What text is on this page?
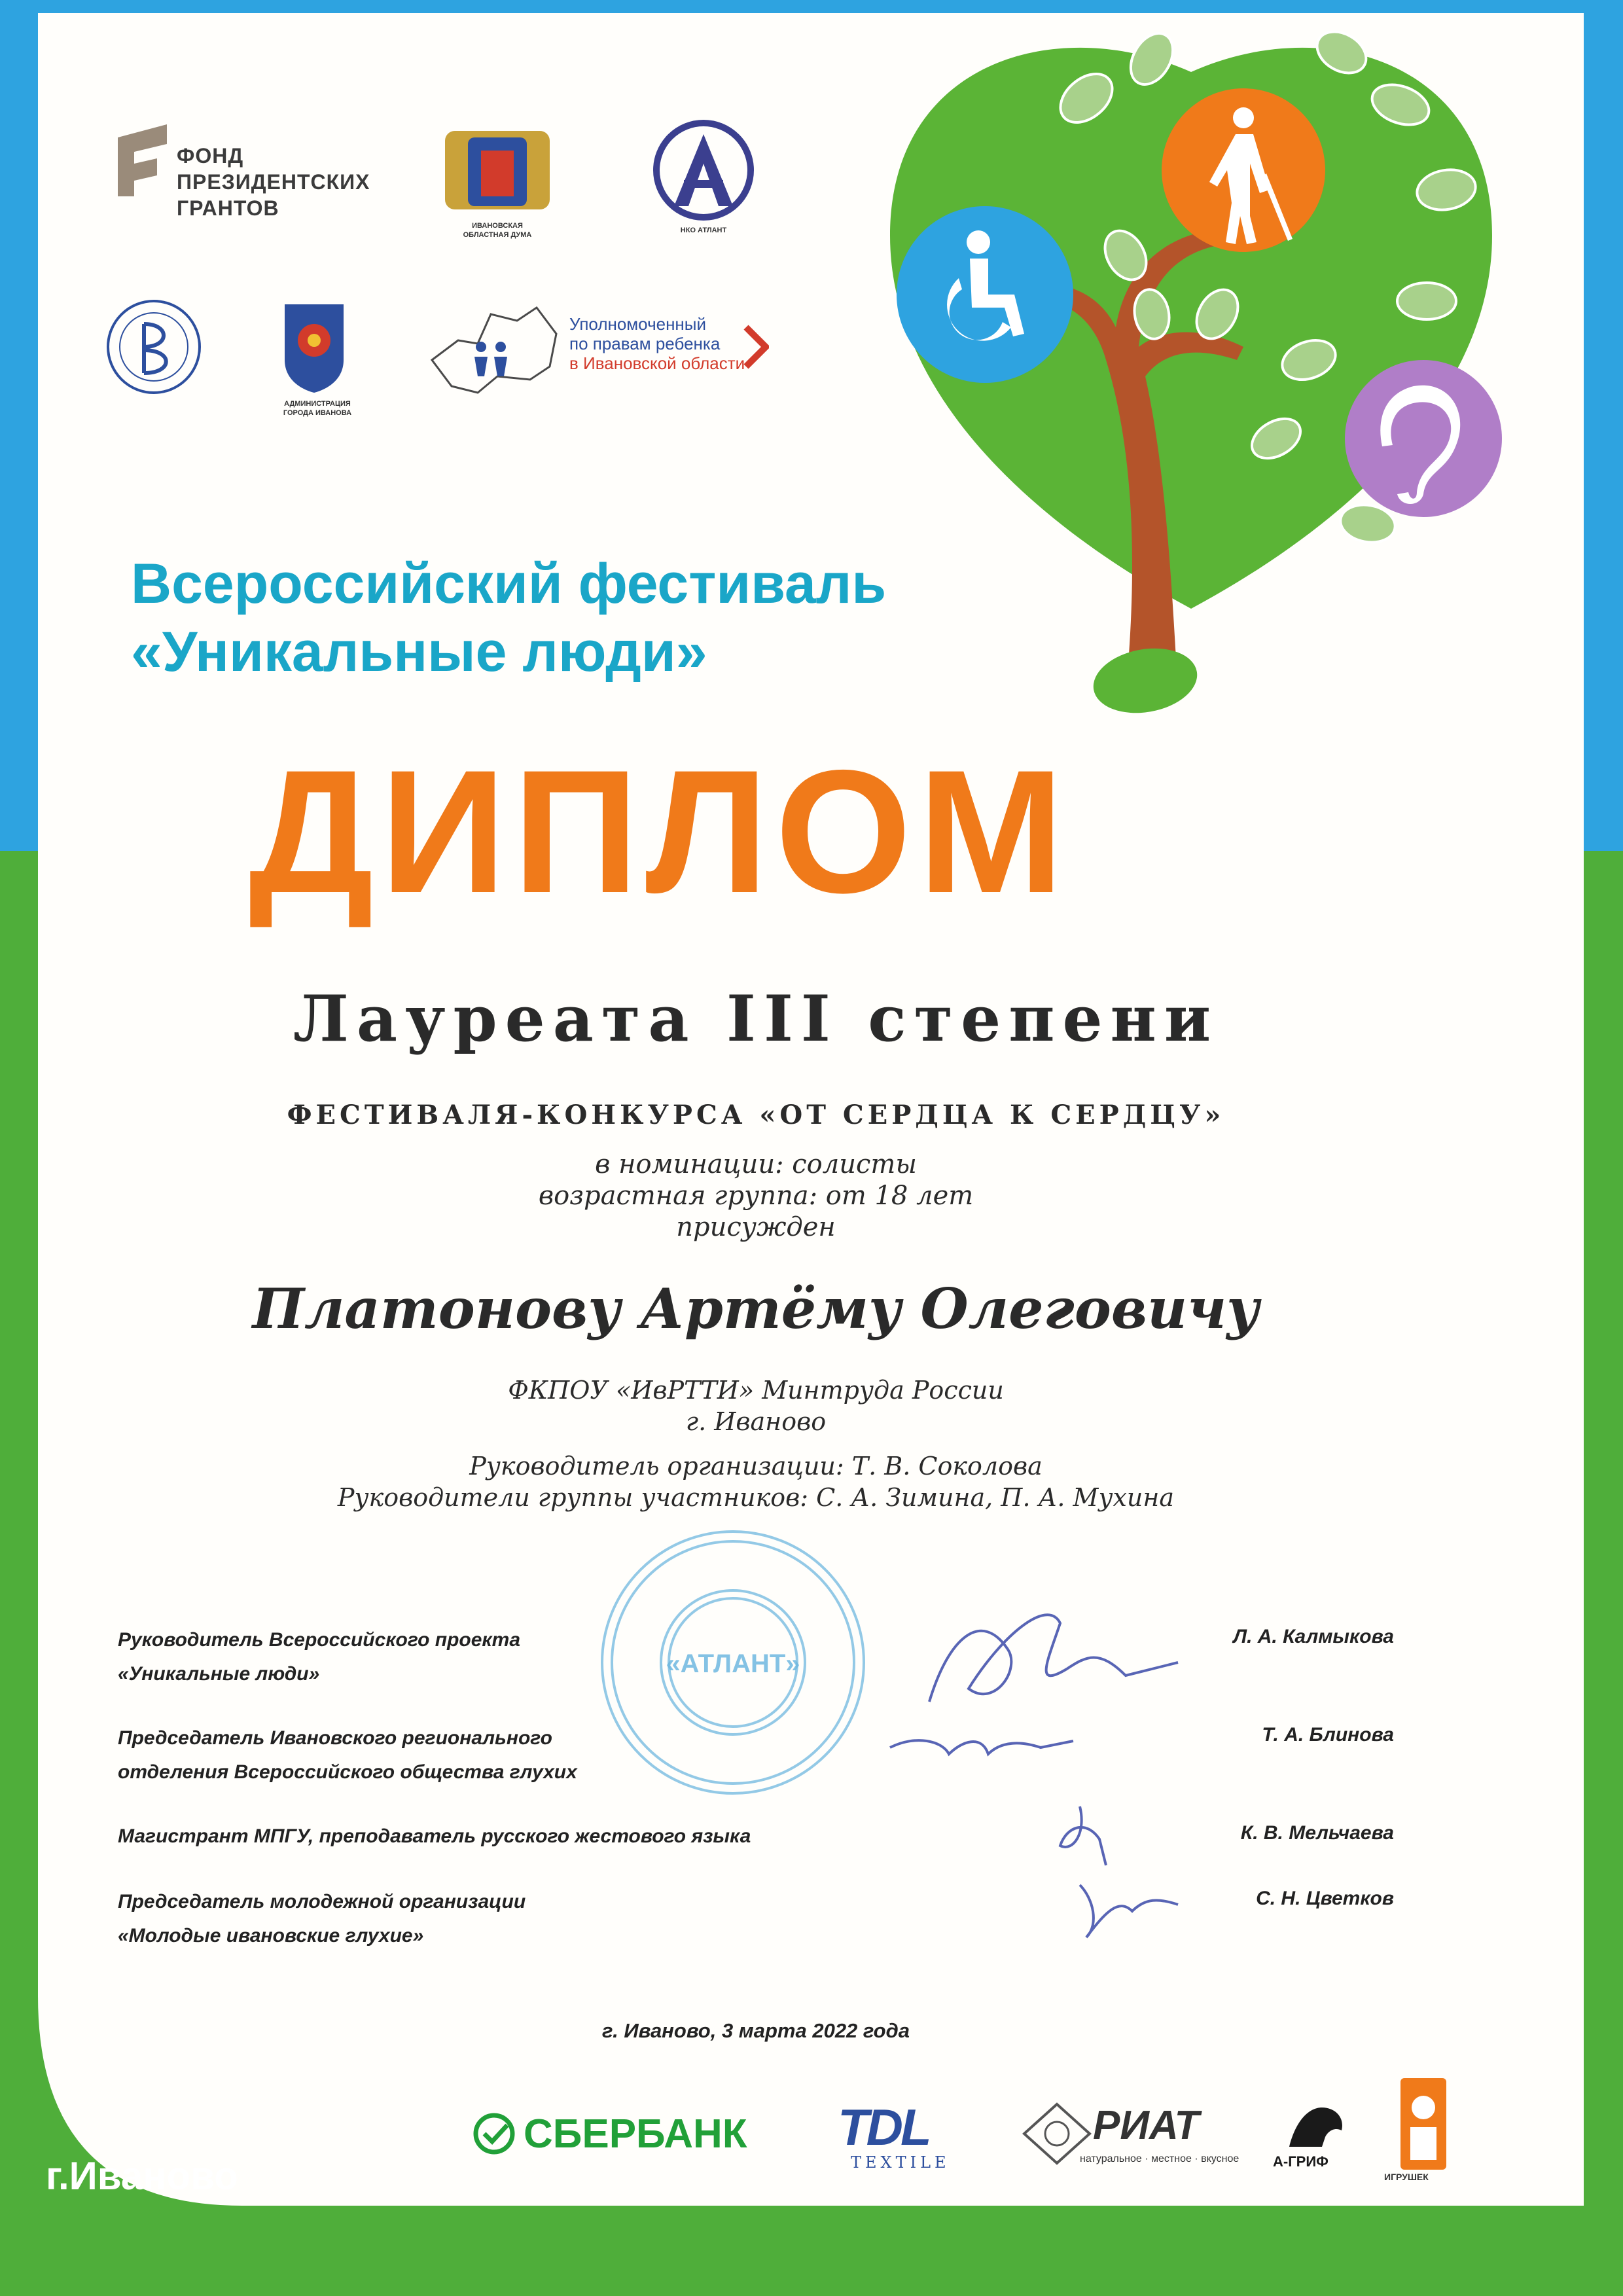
ФОНД
ПРЕЗИДЕНТСКИХ
ГРАНТОВ
ИВАНОВСКАЯ
ОБЛАСТНАЯ ДУМА
НКО АТЛАНТ
АДМИНИСТРАЦИЯ
ГОРОДА ИВАНОВА
Уполномоченный
по правам ребенка
в Ивановской области
Всероссийский фестиваль
«Уникальные люди»
ДИПЛОМ
Лауреата III степени
ФЕСТИВАЛЯ-КОНКУРСА «ОТ СЕРДЦА К СЕРДЦУ»
в номинации: солисты
возрастная группа: от 18 лет
присужден
Платонову Артёму Олеговичу
ФКПОУ «ИвРТТИ» Минтруда России
г. Иваново
Руководитель организации: Т. В. Соколова
Руководители группы участников: С. А. Зимина, П. А. Мухина
«АТЛАНТ»
Руководитель Всероссийского проекта
«Уникальные люди»
Л. А. Калмыкова
Председатель Ивановского регионального
отделения Всероссийского общества глухих
Т. А. Блинова
Магистрант МПГУ, преподаватель русского жестового языка	К. В. Мельчаева
Председатель молодежной организации
«Молодые ивановские глухие»
С. Н. Цветков
г. Иваново, 3 марта 2022 года
СБЕРБАНК TDL
TEXTILE
РИАТ
натуральное · местное · вкусное А-ГРИФ
ИГРУШЕК
г.Иваново
